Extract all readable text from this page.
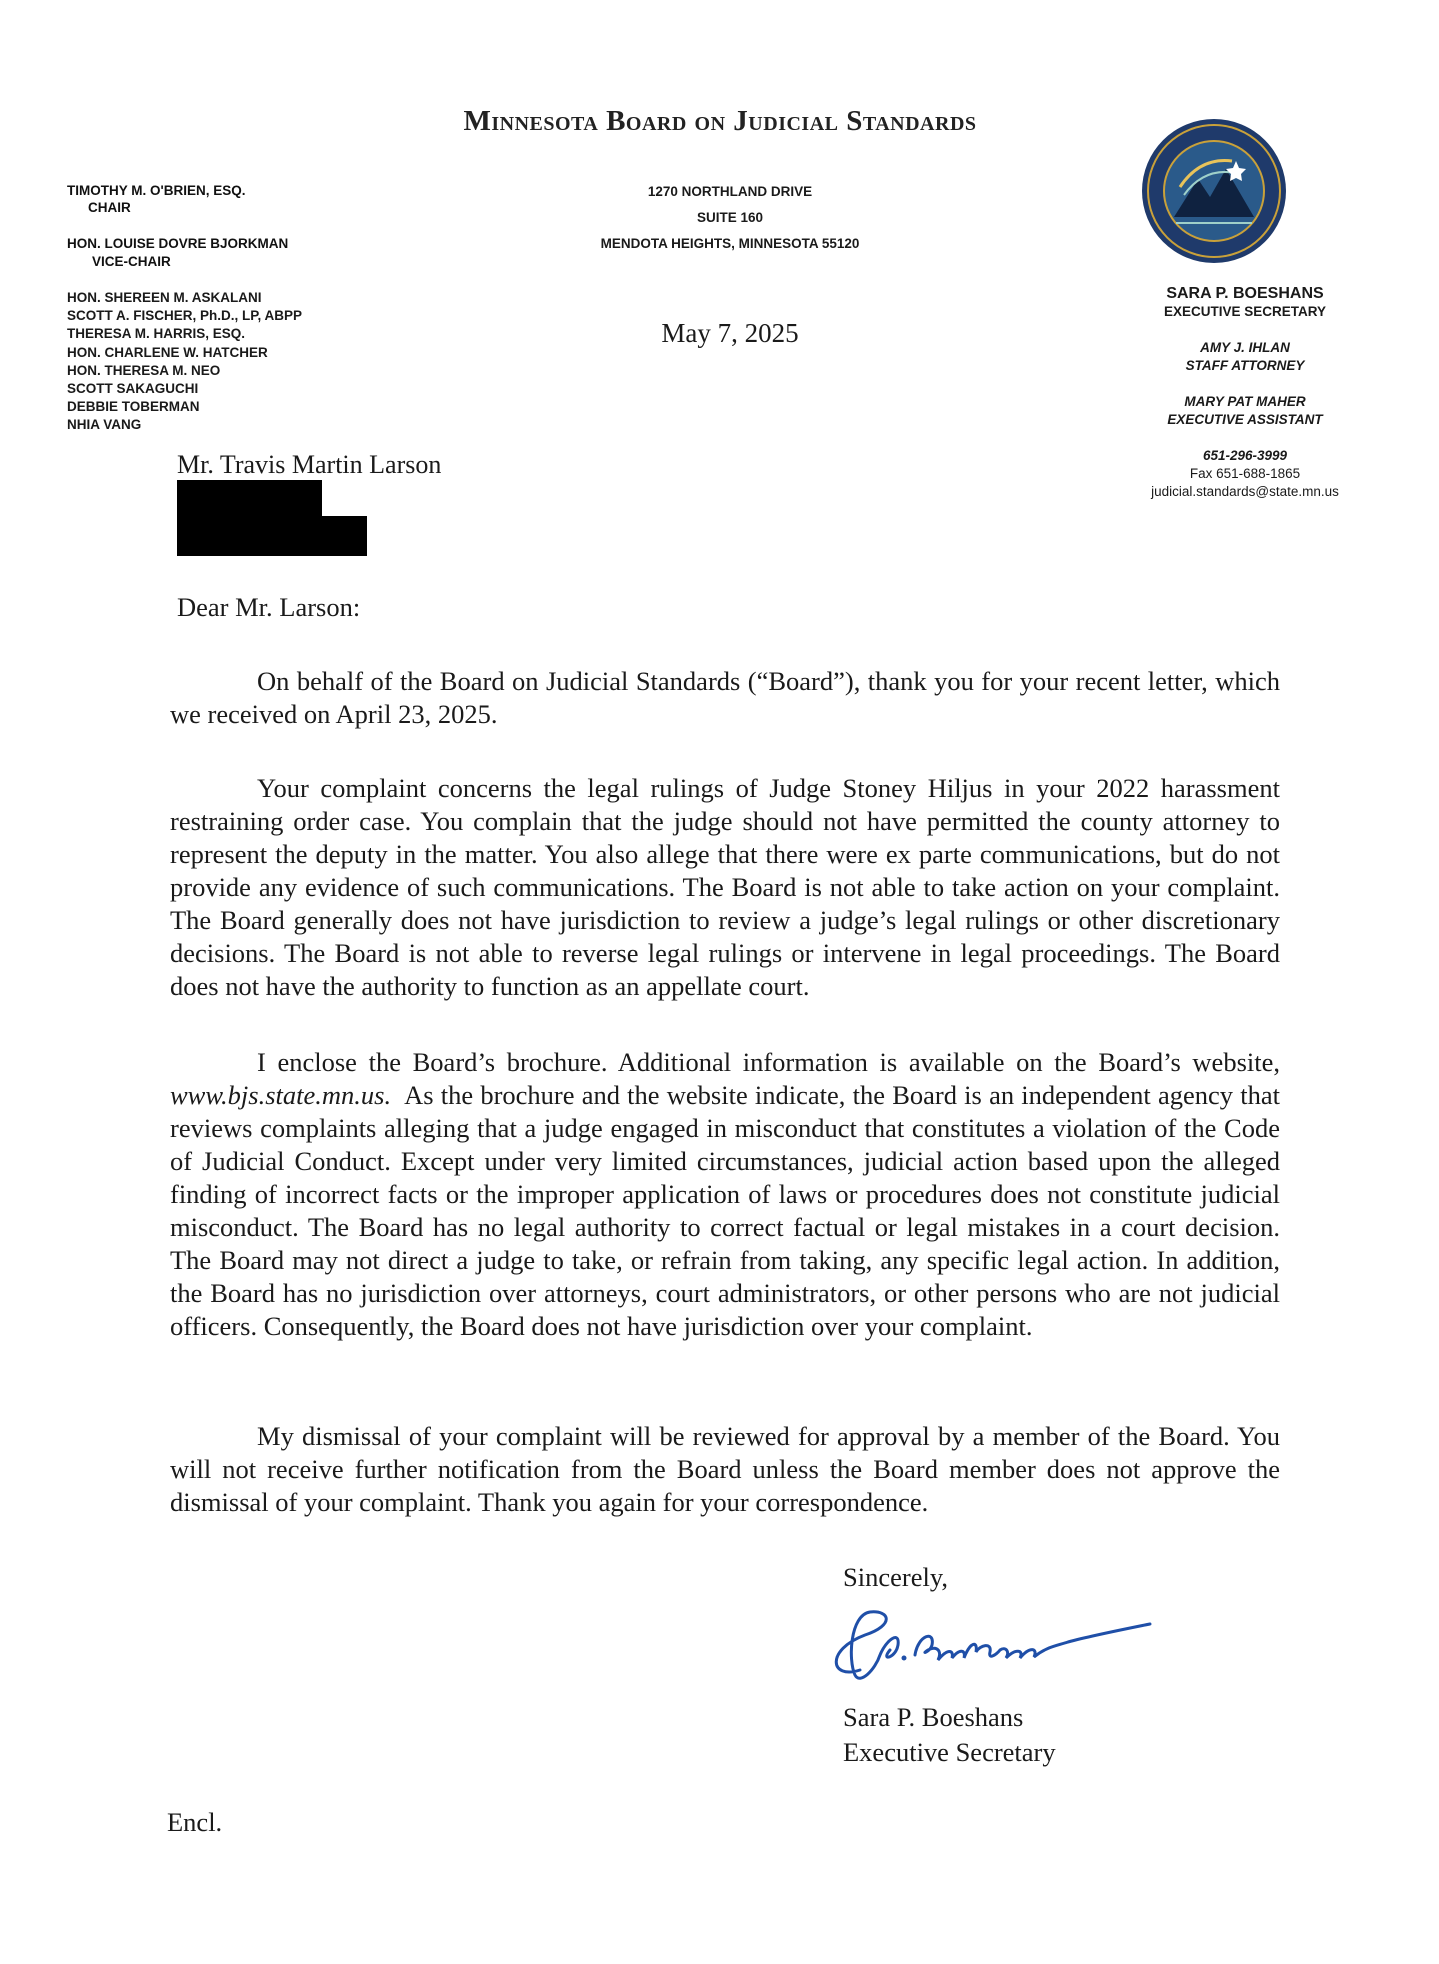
Minnesota Board on Judicial Standards
TIMOTHY M. O'BRIEN, ESQ.
CHAIR
HON. LOUISE DOVRE BJORKMAN
VICE-CHAIR
HON. SHEREEN M. ASKALANI
SCOTT A. FISCHER, Ph.D., LP, ABPP
THERESA M. HARRIS, ESQ.
HON. CHARLENE W. HATCHER
HON. THERESA M. NEO
SCOTT SAKAGUCHI
DEBBIE TOBERMAN
NHIA VANG
1270 NORTHLAND DRIVE
SUITE 160
MENDOTA HEIGHTS, MINNESOTA 55120
May 7, 2025
SARA P. BOESHANS
EXECUTIVE SECRETARY
AMY J. IHLAN
STAFF ATTORNEY
MARY PAT MAHER
EXECUTIVE ASSISTANT
651-296-3999
Fax 651-688-1865
judicial.standards@state.mn.us
Mr. Travis Martin Larson
Dear Mr. Larson:
On behalf of the Board on Judicial Standards (“Board”), thank you for your recent letter, which we received on April 23, 2025.
Your complaint concerns the legal rulings of Judge Stoney Hiljus in your 2022 harassment restraining order case. You complain that the judge should not have permitted the county attorney to represent the deputy in the matter. You also allege that there were ex parte communications, but do not provide any evidence of such communications. The Board is not able to take action on your complaint. The Board generally does not have jurisdiction to review a judge’s legal rulings or other discretionary decisions. The Board is not able to reverse legal rulings or intervene in legal proceedings. The Board does not have the authority to function as an appellate court.
I enclose the Board’s brochure. Additional information is available on the Board’s website, www.bjs.state.mn.us. As the brochure and the website indicate, the Board is an independent agency that reviews complaints alleging that a judge engaged in misconduct that constitutes a violation of the Code of Judicial Conduct. Except under very limited circumstances, judicial action based upon the alleged finding of incorrect facts or the improper application of laws or procedures does not constitute judicial misconduct. The Board has no legal authority to correct factual or legal mistakes in a court decision. The Board may not direct a judge to take, or refrain from taking, any specific legal action. In addition, the Board has no jurisdiction over attorneys, court administrators, or other persons who are not judicial officers. Consequently, the Board does not have jurisdiction over your complaint.
My dismissal of your complaint will be reviewed for approval by a member of the Board. You will not receive further notification from the Board unless the Board member does not approve the dismissal of your complaint. Thank you again for your correspondence.
Sincerely,
Sara P. Boeshans
Executive Secretary
Encl.
